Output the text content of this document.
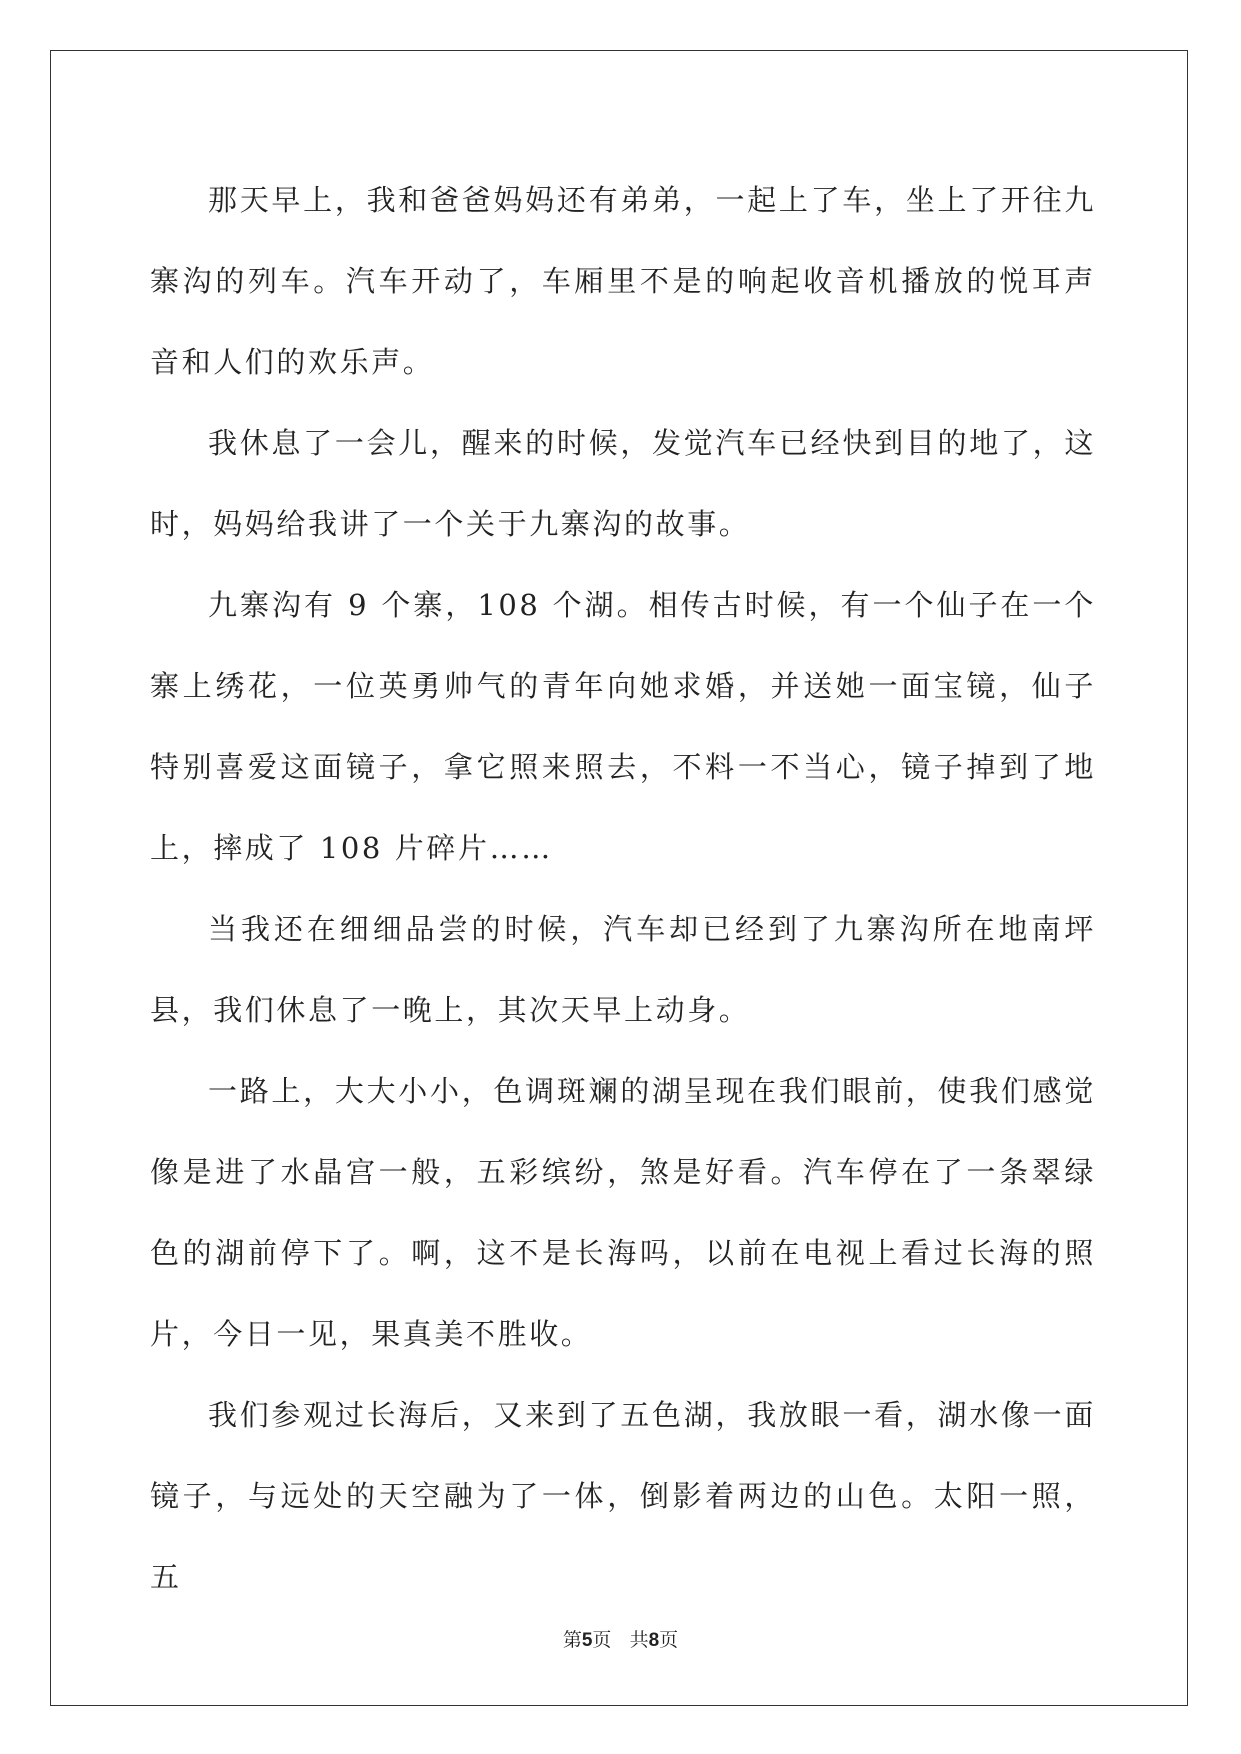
那天早上，我和爸爸妈妈还有弟弟，一起上了车，坐上了开往九寨沟的列车。汽车开动了，车厢里不是的响起收音机播放的悦耳声音和人们的欢乐声。

我休息了一会儿，醒来的时候，发觉汽车已经快到目的地了，这时，妈妈给我讲了一个关于九寨沟的故事。

九寨沟有 9 个寨，108 个湖。相传古时候，有一个仙子在一个寨上绣花，一位英勇帅气的青年向她求婚，并送她一面宝镜，仙子特别喜爱这面镜子，拿它照来照去，不料一不当心，镜子掉到了地上，摔成了 108 片碎片……

当我还在细细品尝的时候，汽车却已经到了九寨沟所在地南坪县，我们休息了一晚上，其次天早上动身。

一路上，大大小小，色调斑斓的湖呈现在我们眼前，使我们感觉像是进了水晶宫一般，五彩缤纷，煞是好看。汽车停在了一条翠绿色的湖前停下了。啊，这不是长海吗，以前在电视上看过长海的照片，今日一见，果真美不胜收。

我们参观过长海后，又来到了五色湖，我放眼一看，湖水像一面镜子，与远处的天空融为了一体，倒影着两边的山色。太阳一照，五

第5页 共8页
